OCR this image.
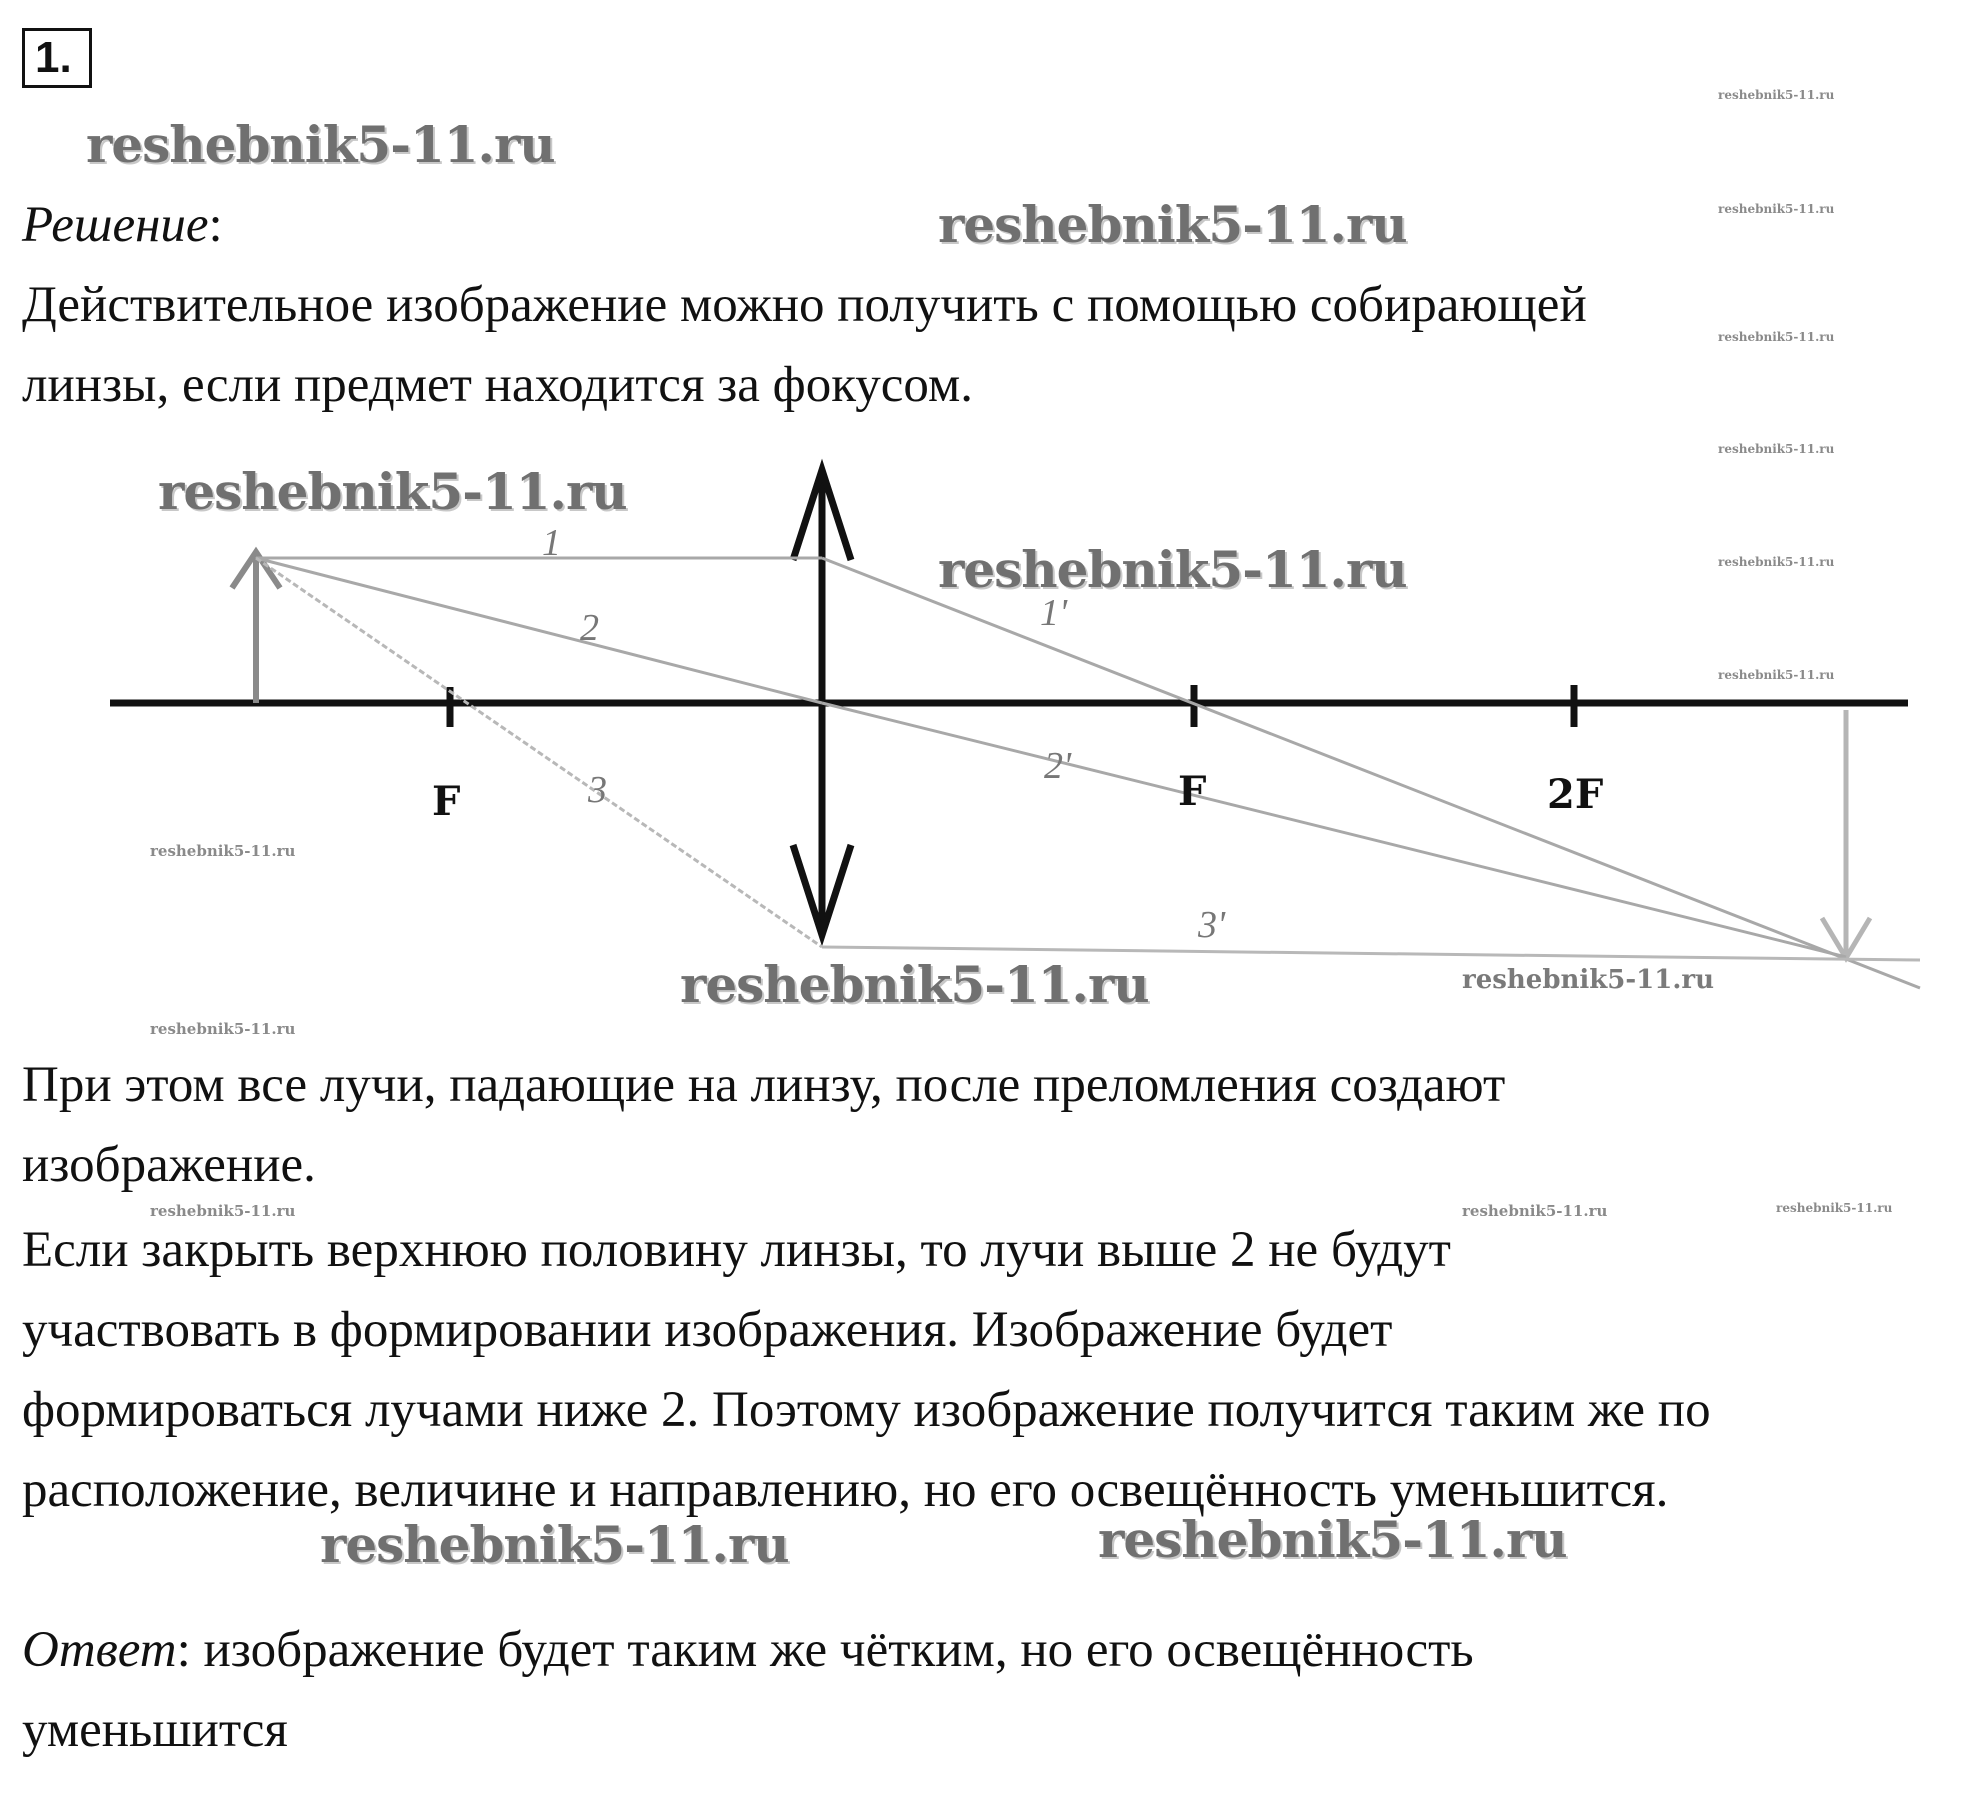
1.
reshebnik5-11.ru
reshebnik5-11.ru
reshebnik5-11.ru
reshebnik5-11.ru
reshebnik5-11.ru
reshebnik5-11.ru	reshebnik5-11.ru
reshebnik5-11.ru
reshebnik5-11.ru
reshebnik5-11.ru
reshebnik5-11.ru	reshebnik5-11.ru
reshebnik5-11.ru
reshebnik5-11.ru
reshebnik5-11.ru
reshebnik5-11.ru
reshebnik5-11.ru
reshebnik5-11.ru
reshebnik5-11.ru
Решение:
Действительное изображение можно получить с помощью собирающей
линзы, если предмет находится за фокусом.
1
2
3
1'
2'
3'
F	F	2F
При этом все лучи, падающие на линзу, после преломления создают
изображение.
Если закрыть верхнюю половину линзы, то лучи выше 2 не будут
участвовать в формировании изображения. Изображение будет
формироваться лучами ниже 2. Поэтому изображение получится таким же по
расположение, величине и направлению, но его освещённость уменьшится.
Ответ: изображение будет таким же чётким, но его освещённость
уменьшится
